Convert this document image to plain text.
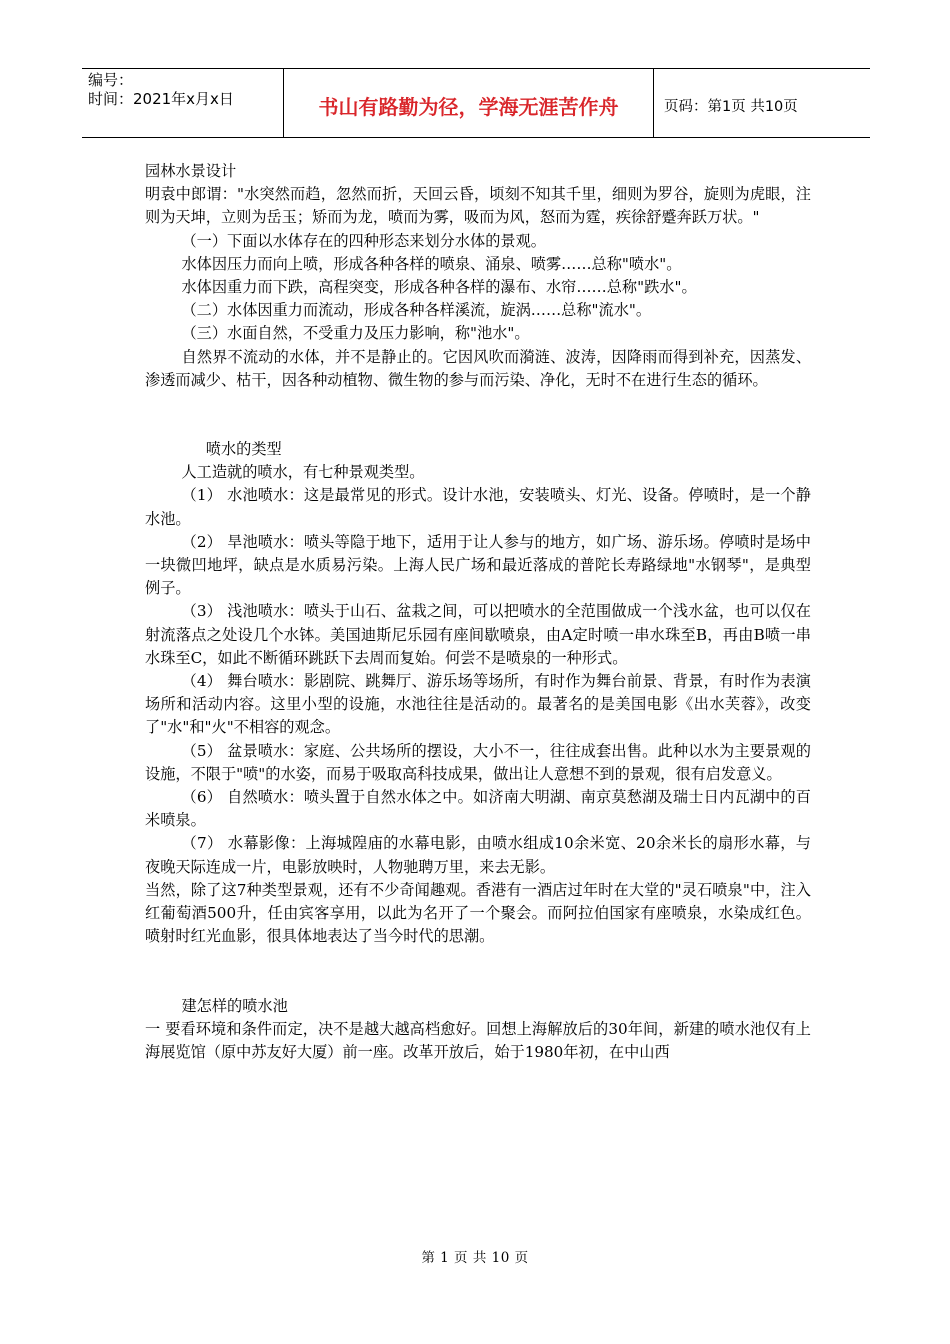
编号：
时间：2021年x月x日	书山有路勤为径，学海无涯苦作舟	页码：第1页 共10页

园林水景设计

明袁中郎谓："水突然而趋，忽然而折，天回云昏，顷刻不知其千里，细则为罗谷，旋则为虎眼，注则为天坤，立则为岳玉；矫而为龙，喷而为雾，吸而为风，怒而为霆，疾徐舒蹙奔跃万状。"

（一）下面以水体存在的四种形态来划分水体的景观。

水体因压力而向上喷，形成各种各样的喷泉、涌泉、喷雾……总称"喷水"。

水体因重力而下跌，高程突变，形成各种各样的瀑布、水帘……总称"跌水"。

（二）水体因重力而流动，形成各种各样溪流，旋涡……总称"流水"。

（三）水面自然，不受重力及压力影响，称"池水"。

自然界不流动的水体，并不是静止的。它因风吹而漪涟、波涛，因降雨而得到补充，因蒸发、渗透而减少、枯干，因各种动植物、微生物的参与而污染、净化，无时不在进行生态的循环。

喷水的类型

人工造就的喷水，有七种景观类型。

（1） 水池喷水：这是最常见的形式。设计水池，安装喷头、灯光、设备。停喷时，是一个静水池。

（2） 旱池喷水：喷头等隐于地下，适用于让人参与的地方，如广场、游乐场。停喷时是场中一块微凹地坪，缺点是水质易污染。上海人民广场和最近落成的普陀长寿路绿地"水钢琴"，是典型例子。

（3） 浅池喷水：喷头于山石、盆栽之间，可以把喷水的全范围做成一个浅水盆，也可以仅在射流落点之处设几个水钵。美国迪斯尼乐园有座间歇喷泉，由A定时喷一串水珠至B，再由B喷一串水珠至C，如此不断循环跳跃下去周而复始。何尝不是喷泉的一种形式。

（4） 舞台喷水：影剧院、跳舞厅、游乐场等场所，有时作为舞台前景、背景，有时作为表演场所和活动内容。这里小型的设施，水池往往是活动的。最著名的是美国电影《出水芙蓉》，改变了"水"和"火"不相容的观念。

（5） 盆景喷水：家庭、公共场所的摆设，大小不一，往往成套出售。此种以水为主要景观的设施，不限于"喷"的水姿，而易于吸取高科技成果，做出让人意想不到的景观，很有启发意义。

（6） 自然喷水：喷头置于自然水体之中。如济南大明湖、南京莫愁湖及瑞士日内瓦湖中的百米喷泉。

（7） 水幕影像：上海城隍庙的水幕电影，由喷水组成10余米宽、20余米长的扇形水幕，与夜晚天际连成一片，电影放映时，人物驰聘万里，来去无影。

当然，除了这7种类型景观，还有不少奇闻趣观。香港有一酒店过年时在大堂的"灵石喷泉"中，注入红葡萄酒500升，任由宾客享用，以此为名开了一个聚会。而阿拉伯国家有座喷泉，水染成红色。喷射时红光血影，很具体地表达了当今时代的思潮。

建怎样的喷水池

一 要看环境和条件而定，决不是越大越高档愈好。回想上海解放后的30年间，新建的喷水池仅有上海展览馆（原中苏友好大厦）前一座。改革开放后，始于1980年初，在中山西

第 1 页 共 10 页
